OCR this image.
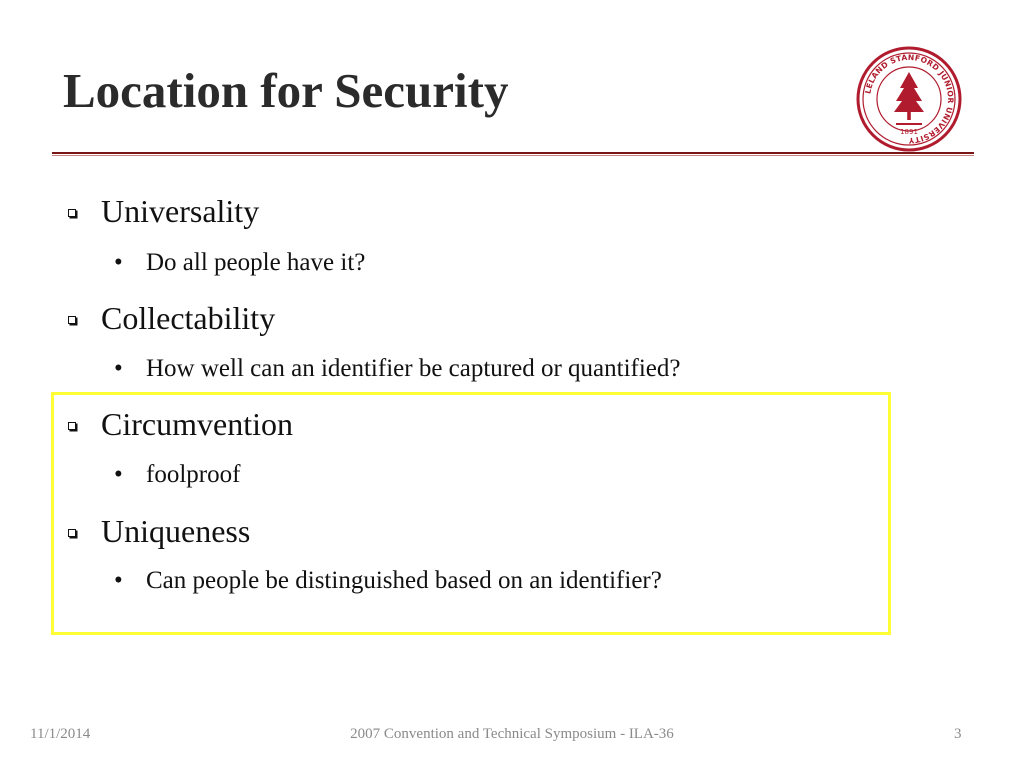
Location for Security	LELAND STANFORD JUNIOR UNIVERSITY
1891
Universality
• Do all people have it?
Collectability
• How well can an identifier be captured or quantified?
Circumvention
• foolproof
Uniqueness
• Can people be distinguished based on an identifier?
11/1/2014	2007 Convention and Technical Symposium - ILA-36	3
